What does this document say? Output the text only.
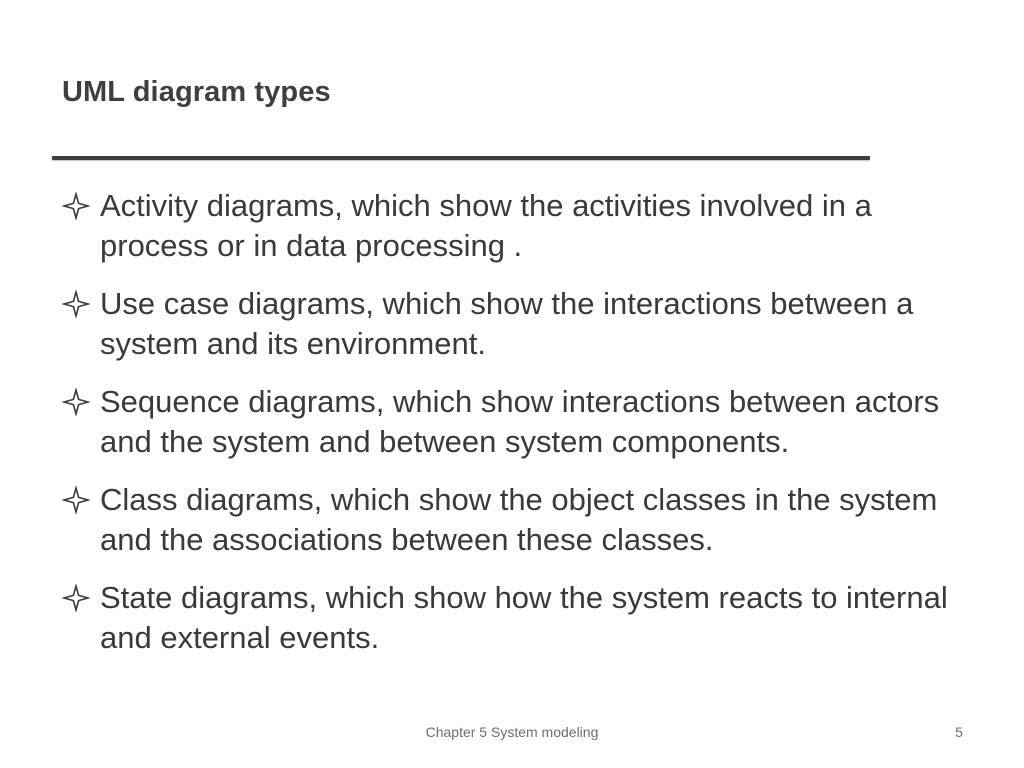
UML diagram types
Activity diagrams, which show the activities involved in a process or in data processing .
Use case diagrams, which show the interactions between a system and its environment.
Sequence diagrams, which show interactions between actors and the system and between system components.
Class diagrams, which show the object classes in the system and the associations between these classes.
State diagrams, which show how the system reacts to internal and external events.
Chapter 5 System modeling	5
